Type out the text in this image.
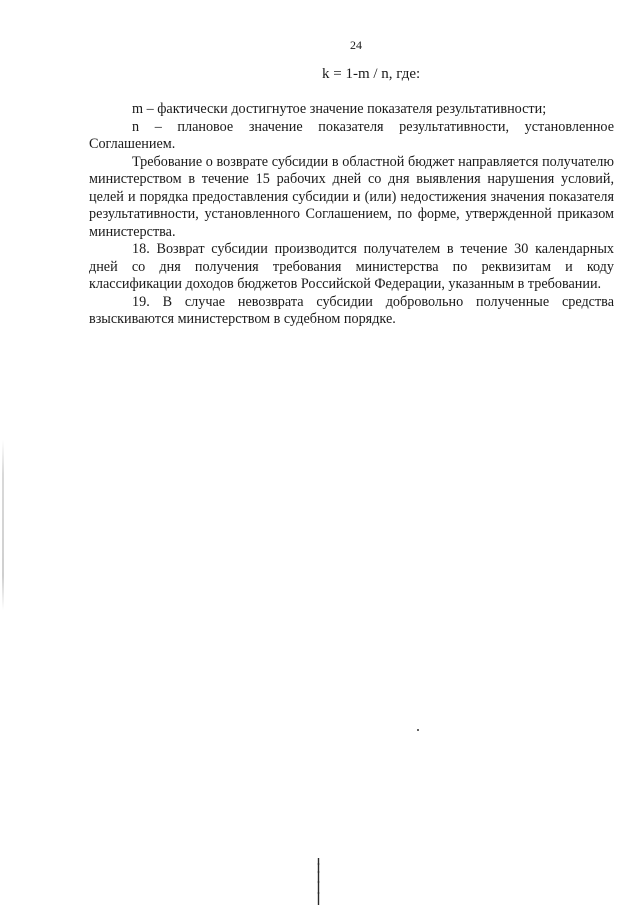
24
k = 1-m / n, где:

m – фактически достигнутое значение показателя результативности;

n – плановое значение показателя результативности, установленное Соглашением.

Требование о возврате субсидии в областной бюджет направляется получателю министерством в течение 15 рабочих дней со дня выявления нарушения условий, целей и порядка предоставления субсидии и (или) недостижения значения показателя результативности, установленного Соглашением, по форме, утвержденной приказом министерства.

18. Возврат субсидии производится получателем в течение 30 календарных дней со дня получения требования министерства по реквизитам и коду классификации доходов бюджетов Российской Федерации, указанным в требовании.

19. В случае невозврата субсидии добровольно полученные средства взыскиваются министерством в судебном порядке.
